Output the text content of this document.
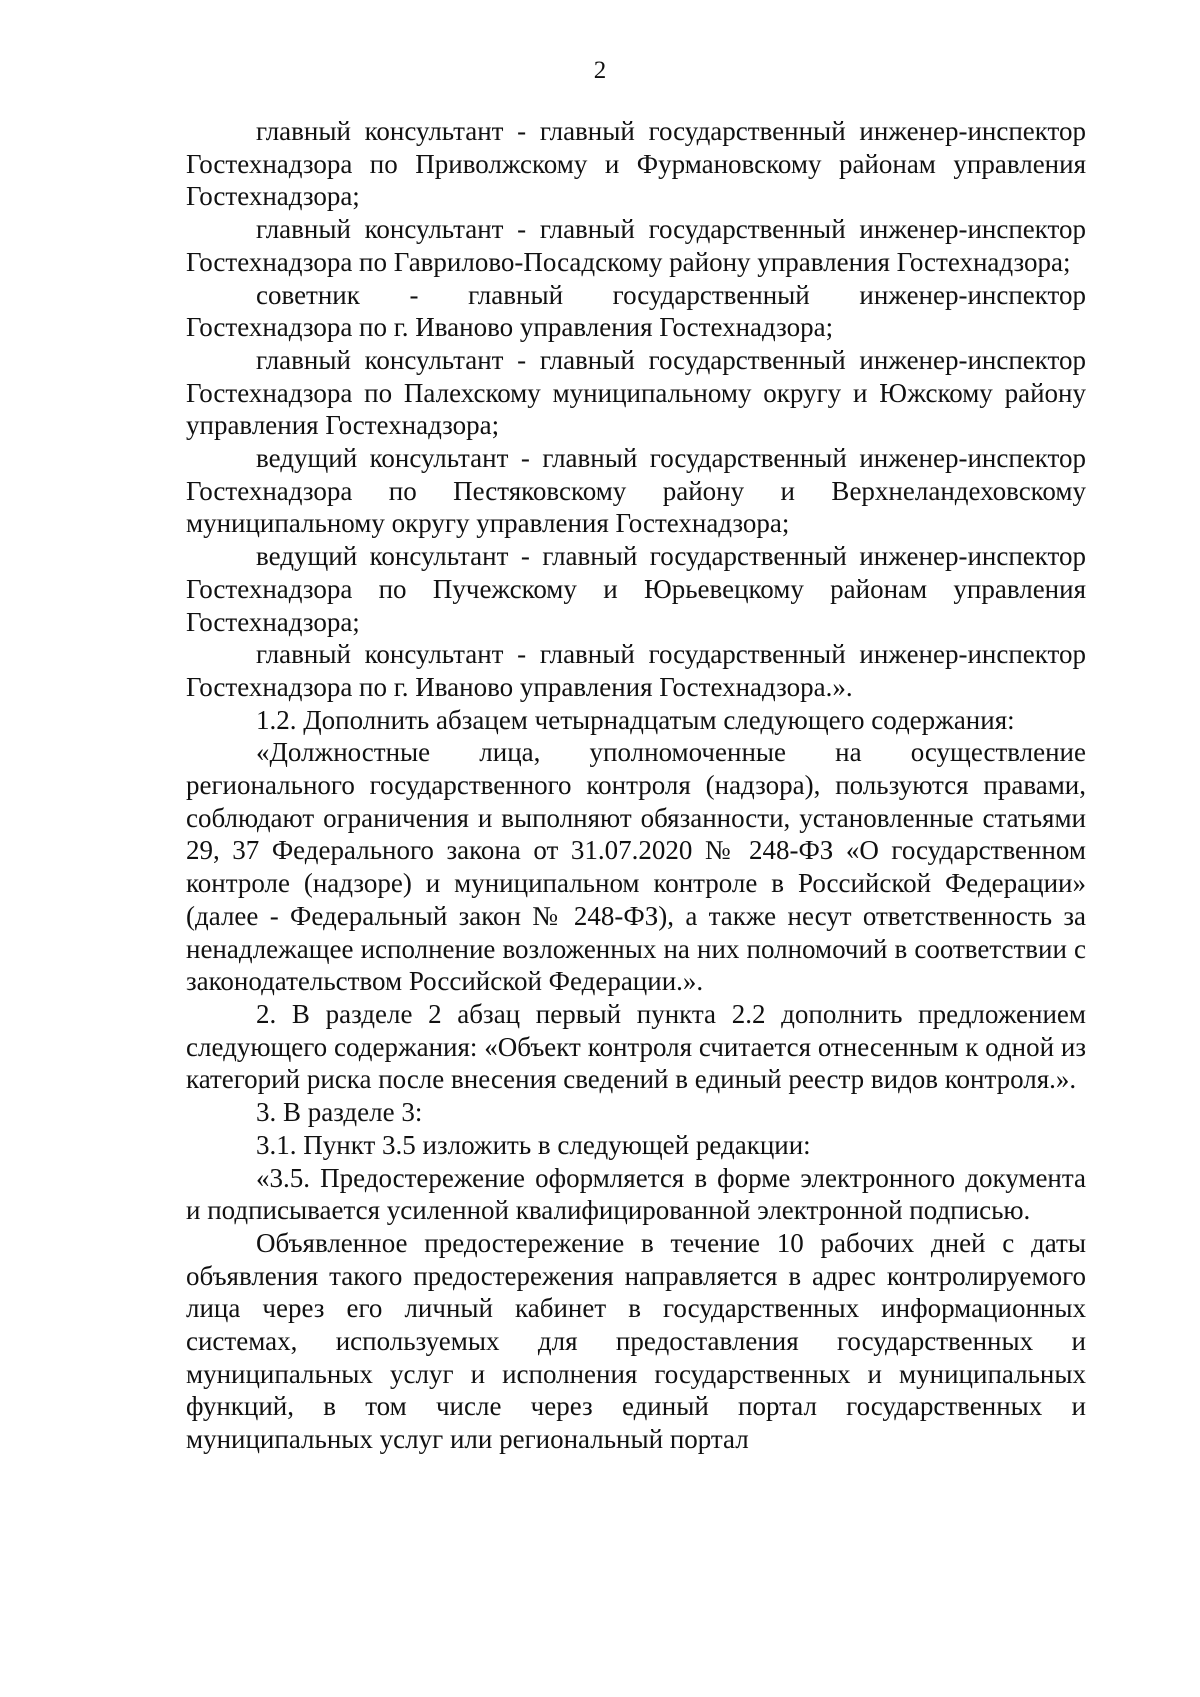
2

главный консультант - главный государственный инженер-инспектор Гостехнадзора по Приволжскому и Фурмановскому районам управления Гостехнадзора;

главный консультант - главный государственный инженер-инспектор Гостехнадзора по Гаврилово-Посадскому району управления Гостехнадзора;

советник - главный государственный инженер-инспектор Гостехнадзора по г. Иваново управления Гостехнадзора;

главный консультант - главный государственный инженер-инспектор Гостехнадзора по Палехскому муниципальному округу и Южскому району управления Гостехнадзора;

ведущий консультант - главный государственный инженер-инспектор Гостехнадзора по Пестяковскому району и Верхнеландеховскому муниципальному округу управления Гостехнадзора;

ведущий консультант - главный государственный инженер-инспектор Гостехнадзора по Пучежскому и Юрьевецкому районам управления Гостехнадзора;

главный консультант - главный государственный инженер-инспектор Гостехнадзора по г. Иваново управления Гостехнадзора.».

1.2. Дополнить абзацем четырнадцатым следующего содержания:

«Должностные лица, уполномоченные на осуществление регионального государственного контроля (надзора), пользуются правами, соблюдают ограничения и выполняют обязанности, установленные статьями 29, 37 Федерального закона от 31.07.2020 № 248-ФЗ «О государственном контроле (надзоре) и муниципальном контроле в Российской Федерации» (далее - Федеральный закон № 248-ФЗ), а также несут ответственность за ненадлежащее исполнение возложенных на них полномочий в соответствии с законодательством Российской Федерации.».

2. В разделе 2 абзац первый пункта 2.2 дополнить предложением следующего содержания: «Объект контроля считается отнесенным к одной из категорий риска после внесения сведений в единый реестр видов контроля.».

3. В разделе 3:

3.1. Пункт 3.5 изложить в следующей редакции:

«3.5. Предостережение оформляется в форме электронного документа и подписывается усиленной квалифицированной электронной подписью.

Объявленное предостережение в течение 10 рабочих дней с даты объявления такого предостережения направляется в адрес контролируемого лица через его личный кабинет в государственных информационных системах, используемых для предоставления государственных и муниципальных услуг и исполнения государственных и муниципальных функций, в том числе через единый портал государственных и муниципальных услуг или региональный портал
